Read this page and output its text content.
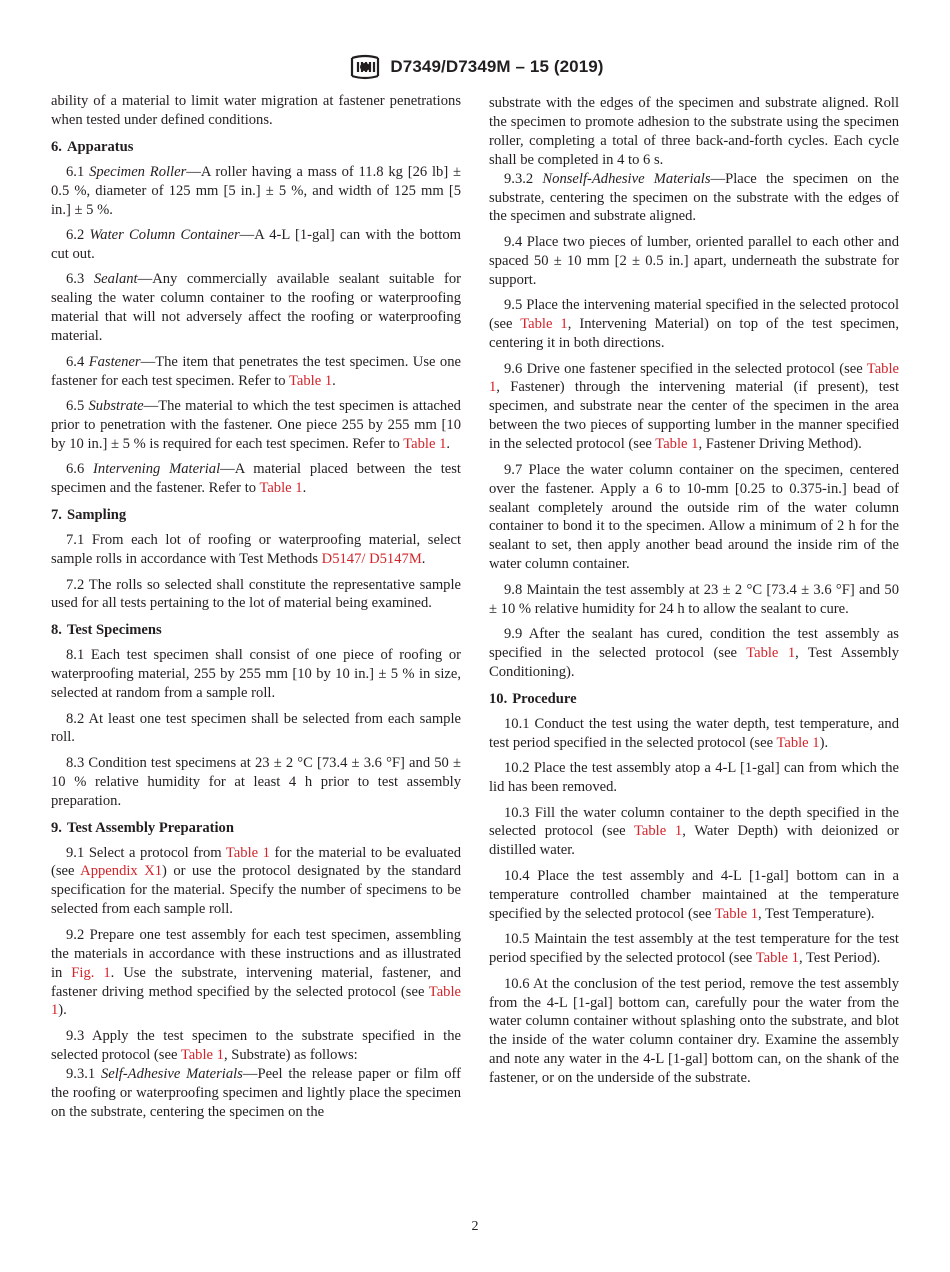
D7349/D7349M – 15 (2019)

ability of a material to limit water migration at fastener penetrations when tested under defined conditions.

6. Apparatus

6.1 Specimen Roller—A roller having a mass of 11.8 kg [26 lb] ± 0.5 %, diameter of 125 mm [5 in.] ± 5 %, and width of 125 mm [5 in.] ± 5 %.

6.2 Water Column Container—A 4-L [1-gal] can with the bottom cut out.

6.3 Sealant—Any commercially available sealant suitable for sealing the water column container to the roofing or waterproofing material that will not adversely affect the roofing or waterproofing material.

6.4 Fastener—The item that penetrates the test specimen. Use one fastener for each test specimen. Refer to Table 1.

6.5 Substrate—The material to which the test specimen is attached prior to penetration with the fastener. One piece 255 by 255 mm [10 by 10 in.] ± 5 % is required for each test specimen. Refer to Table 1.

6.6 Intervening Material—A material placed between the test specimen and the fastener. Refer to Table 1.

7. Sampling

7.1 From each lot of roofing or waterproofing material, select sample rolls in accordance with Test Methods D5147/ D5147M.

7.2 The rolls so selected shall constitute the representative sample used for all tests pertaining to the lot of material being examined.

8. Test Specimens

8.1 Each test specimen shall consist of one piece of roofing or waterproofing material, 255 by 255 mm [10 by 10 in.] ± 5 % in size, selected at random from a sample roll.

8.2 At least one test specimen shall be selected from each sample roll.

8.3 Condition test specimens at 23 ± 2 °C [73.4 ± 3.6 °F] and 50 ± 10 % relative humidity for at least 4 h prior to test assembly preparation.

9. Test Assembly Preparation

9.1 Select a protocol from Table 1 for the material to be evaluated (see Appendix X1) or use the protocol designated by the standard specification for the material. Specify the number of specimens to be selected from each sample roll.

9.2 Prepare one test assembly for each test specimen, assembling the materials in accordance with these instructions and as illustrated in Fig. 1. Use the substrate, intervening material, fastener, and fastener driving method specified by the selected protocol (see Table 1).

9.3 Apply the test specimen to the substrate specified in the selected protocol (see Table 1, Substrate) as follows:

9.3.1 Self-Adhesive Materials—Peel the release paper or film off the roofing or waterproofing specimen and lightly place the specimen on the substrate, centering the specimen on the

substrate with the edges of the specimen and substrate aligned. Roll the specimen to promote adhesion to the substrate using the specimen roller, completing a total of three back-and-forth cycles. Each cycle shall be completed in 4 to 6 s.

9.3.2 Nonself-Adhesive Materials—Place the specimen on the substrate, centering the specimen on the substrate with the edges of the specimen and substrate aligned.

9.4 Place two pieces of lumber, oriented parallel to each other and spaced 50 ± 10 mm [2 ± 0.5 in.] apart, underneath the substrate for support.

9.5 Place the intervening material specified in the selected protocol (see Table 1, Intervening Material) on top of the test specimen, centering it in both directions.

9.6 Drive one fastener specified in the selected protocol (see Table 1, Fastener) through the intervening material (if present), test specimen, and substrate near the center of the specimen in the area between the two pieces of supporting lumber in the manner specified in the selected protocol (see Table 1, Fastener Driving Method).

9.7 Place the water column container on the specimen, centered over the fastener. Apply a 6 to 10-mm [0.25 to 0.375-in.] bead of sealant completely around the outside rim of the water column container to bond it to the specimen. Allow a minimum of 2 h for the sealant to set, then apply another bead around the inside rim of the water column container.

9.8 Maintain the test assembly at 23 ± 2 °C [73.4 ± 3.6 °F] and 50 ± 10 % relative humidity for 24 h to allow the sealant to cure.

9.9 After the sealant has cured, condition the test assembly as specified in the selected protocol (see Table 1, Test Assembly Conditioning).

10. Procedure

10.1 Conduct the test using the water depth, test temperature, and test period specified in the selected protocol (see Table 1).

10.2 Place the test assembly atop a 4-L [1-gal] can from which the lid has been removed.

10.3 Fill the water column container to the depth specified in the selected protocol (see Table 1, Water Depth) with deionized or distilled water.

10.4 Place the test assembly and 4-L [1-gal] bottom can in a temperature controlled chamber maintained at the temperature specified by the selected protocol (see Table 1, Test Temperature).

10.5 Maintain the test assembly at the test temperature for the test period specified by the selected protocol (see Table 1, Test Period).

10.6 At the conclusion of the test period, remove the test assembly from the 4-L [1-gal] bottom can, carefully pour the water from the water column container without splashing onto the substrate, and blot the inside of the water column container dry. Examine the assembly and note any water in the 4-L [1-gal] bottom can, on the shank of the fastener, or on the underside of the substrate.

2
